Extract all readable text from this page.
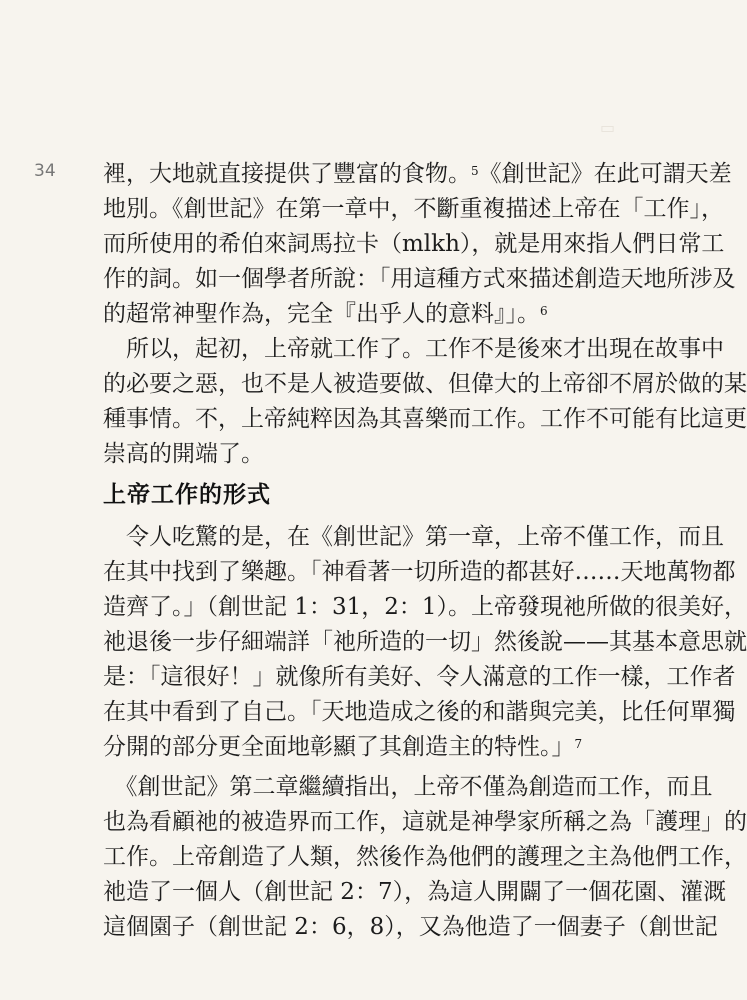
▭
34 裡，大地就直接提供了豐富的食物。$^5$《創世記》在此可謂天差
地別。《創世記》在第一章中，不斷重複描述上帝在「工作」，
而所使用的希伯來詞馬拉卡（mlkh），就是用來指人們日常工
作的詞。如一個學者所說：「用這種方式來描述創造天地所涉及
的超常神聖作為，完全『出乎人的意料』」。$^6$
　所以，起初，上帝就工作了。工作不是後來才出現在故事中
的必要之惡，也不是人被造要做、但偉大的上帝卻不屑於做的某
種事情。不，上帝純粹因為其喜樂而工作。工作不可能有比這更
崇高的開端了。
上帝工作的形式
　令人吃驚的是，在《創世記》第一章，上帝不僅工作，而且
在其中找到了樂趣。「神看著一切所造的都甚好……天地萬物都
造齊了。」（創世記 1：31，2：1）。上帝發現祂所做的很美好，
祂退後一步仔細端詳「祂所造的一切」然後說——其基本意思就
是：「這很好！」就像所有美好、令人滿意的工作一樣，工作者
在其中看到了自己。「天地造成之後的和諧與完美，比任何單獨
分開的部分更全面地彰顯了其創造主的特性。」$^7$
　《創世記》第二章繼續指出，上帝不僅為創造而工作，而且
也為看顧祂的被造界而工作，這就是神學家所稱之為「護理」的
工作。上帝創造了人類，然後作為他們的護理之主為他們工作，
祂造了一個人（創世記 2：7），為這人開闢了一個花園、灌溉
這個園子（創世記 2：6，8），又為他造了一個妻子（創世記
